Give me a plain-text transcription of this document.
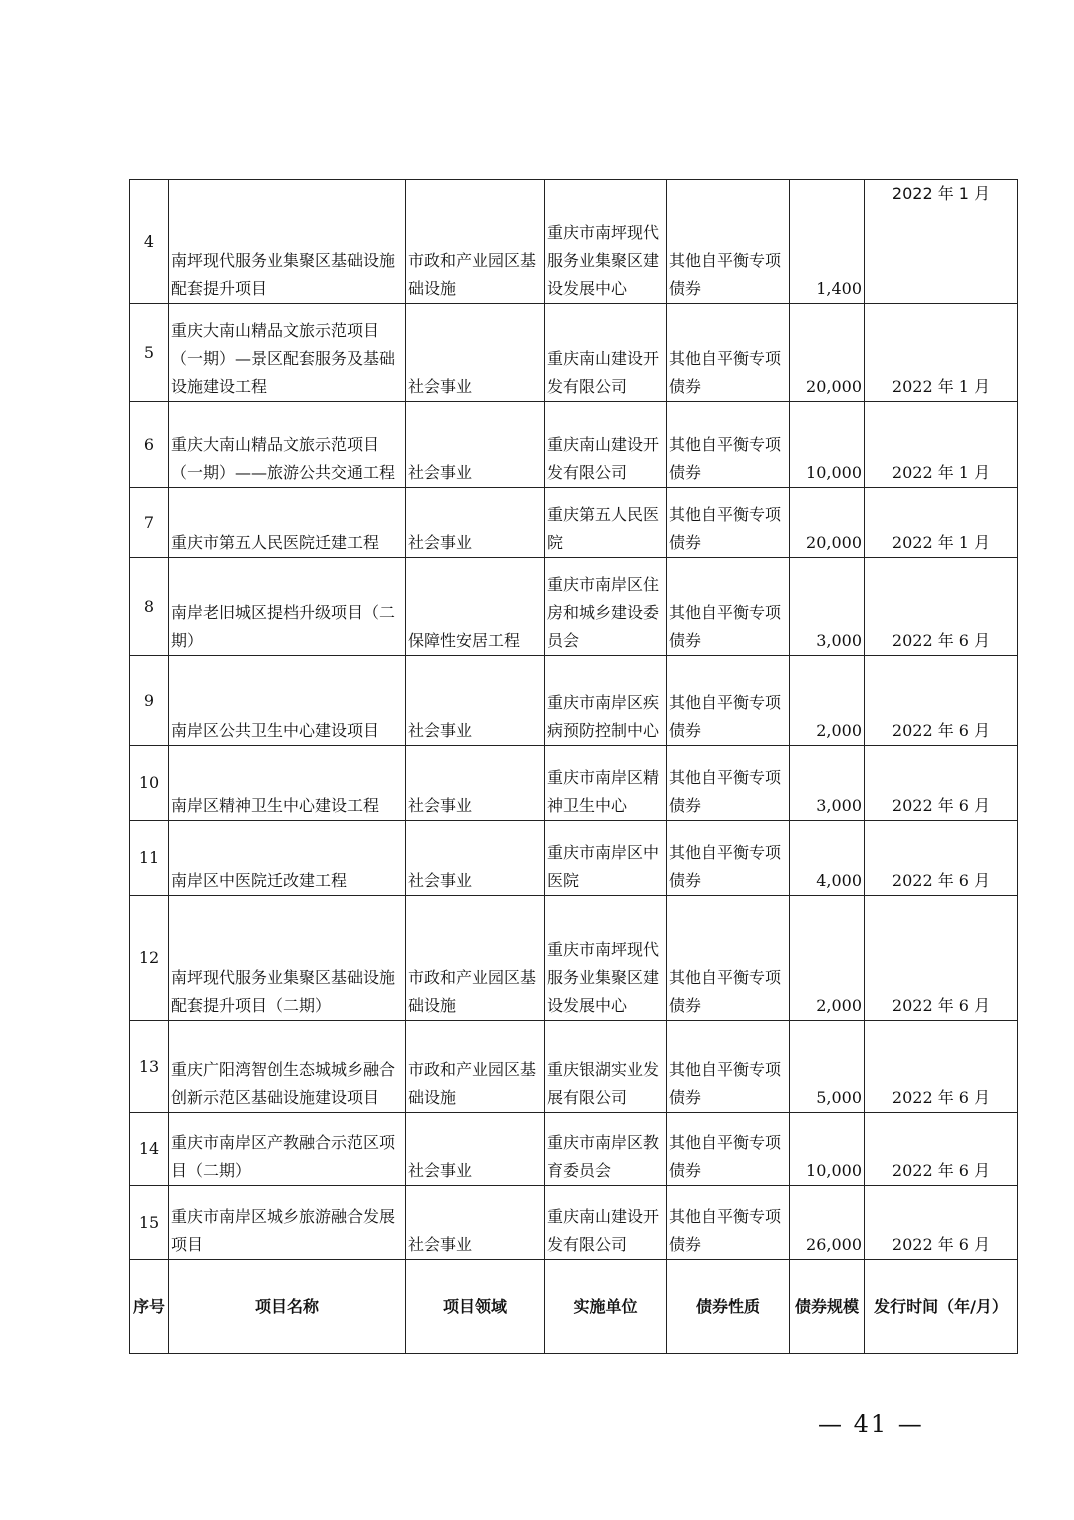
4	南坪现代服务业集聚区基础设施配套提升项目	市政和产业园区基础设施	重庆市南坪现代服务业集聚区建设发展中心	其他自平衡专项债券	1,400	2022 年 1 月
5	重庆大南山精品文旅示范项目（一期）—景区配套服务及基础设施建设工程	社会事业	重庆南山建设开发有限公司	其他自平衡专项债券	20,000	2022 年 1 月
6	重庆大南山精品文旅示范项目（一期）——旅游公共交通工程	社会事业	重庆南山建设开发有限公司	其他自平衡专项债券	10,000	2022 年 1 月
7	重庆市第五人民医院迁建工程	社会事业	重庆第五人民医院	其他自平衡专项债券	20,000	2022 年 1 月
8	南岸老旧城区提档升级项目（二期）	保障性安居工程	重庆市南岸区住房和城乡建设委员会	其他自平衡专项债券	3,000	2022 年 6 月
9	南岸区公共卫生中心建设项目	社会事业	重庆市南岸区疾病预防控制中心	其他自平衡专项债券	2,000	2022 年 6 月
10	南岸区精神卫生中心建设工程	社会事业	重庆市南岸区精神卫生中心	其他自平衡专项债券	3,000	2022 年 6 月
11	南岸区中医院迁改建工程	社会事业	重庆市南岸区中医院	其他自平衡专项债券	4,000	2022 年 6 月
12	南坪现代服务业集聚区基础设施配套提升项目（二期）	市政和产业园区基础设施	重庆市南坪现代服务业集聚区建设发展中心	其他自平衡专项债券	2,000	2022 年 6 月
13	重庆广阳湾智创生态城城乡融合创新示范区基础设施建设项目	市政和产业园区基础设施	重庆银湖实业发展有限公司	其他自平衡专项债券	5,000	2022 年 6 月
14	重庆市南岸区产教融合示范区项目（二期）	社会事业	重庆市南岸区教育委员会	其他自平衡专项债券	10,000	2022 年 6 月
15	重庆市南岸区城乡旅游融合发展项目	社会事业	重庆南山建设开发有限公司	其他自平衡专项债券	26,000	2022 年 6 月
序号	项目名称	项目领域	实施单位	债券性质	债券规模	发行时间（年/月）
— 41 —
